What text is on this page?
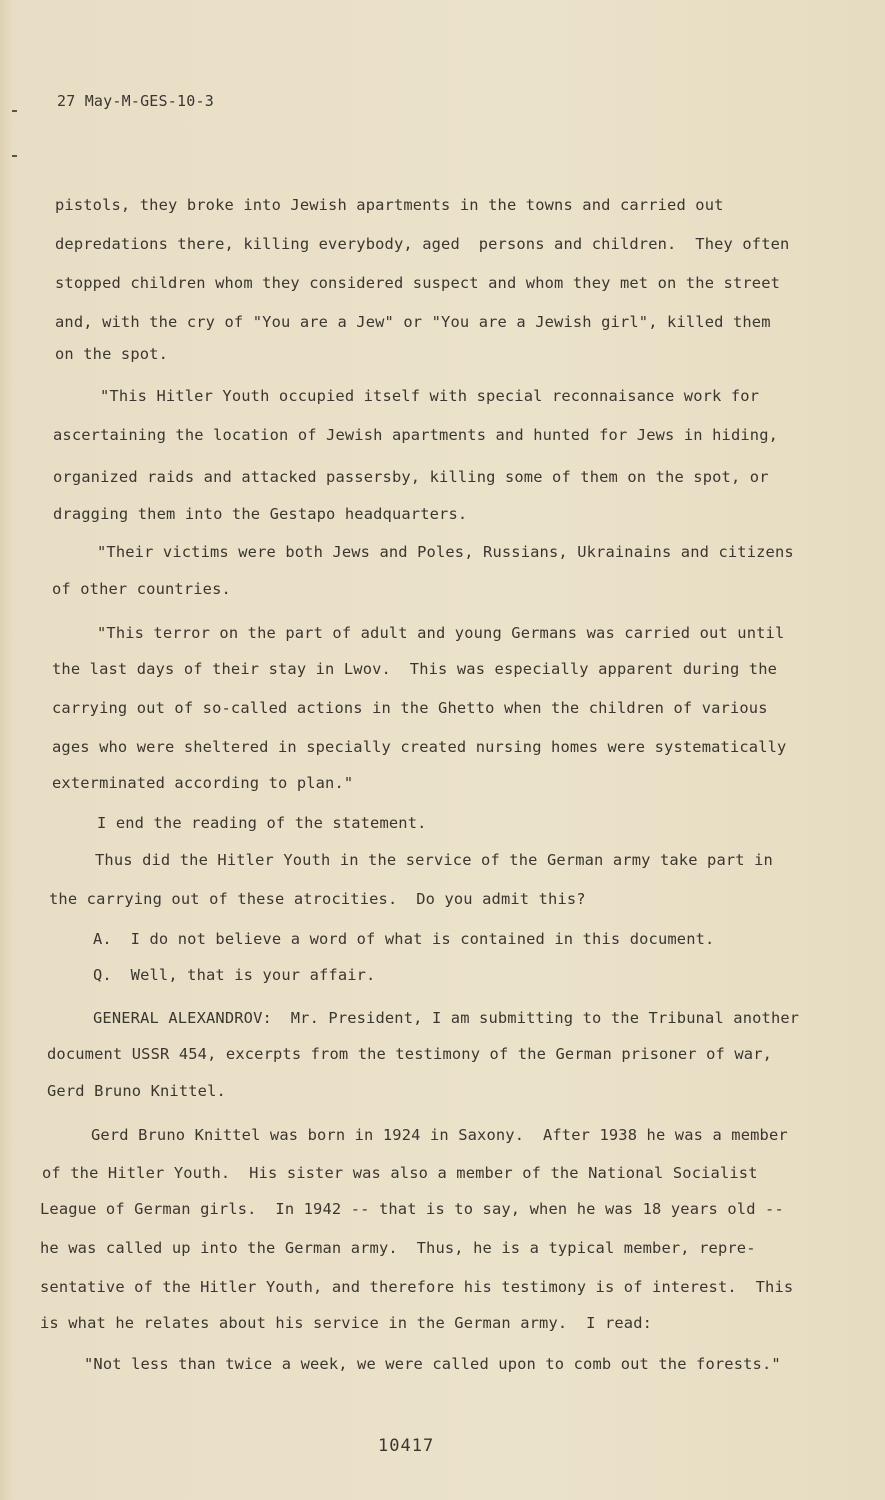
27 May-M-GES-10-3
pistols, they broke into Jewish apartments in the towns and carried out
depredations there, killing everybody, aged  persons and children.  They often
stopped children whom they considered suspect and whom they met on the street
and, with the cry of "You are a Jew" or "You are a Jewish girl", killed them
on the spot.
"This Hitler Youth occupied itself with special reconnaisance work for
ascertaining the location of Jewish apartments and hunted for Jews in hiding,
organized raids and attacked passersby, killing some of them on the spot, or
dragging them into the Gestapo headquarters.
"Their victims were both Jews and Poles, Russians, Ukrainains and citizens
of other countries.
"This terror on the part of adult and young Germans was carried out until
the last days of their stay in Lwov.  This was especially apparent during the
carrying out of so-called actions in the Ghetto when the children of various
ages who were sheltered in specially created nursing homes were systematically
exterminated according to plan."
I end the reading of the statement.
Thus did the Hitler Youth in the service of the German army take part in
the carrying out of these atrocities.  Do you admit this?
A.  I do not believe a word of what is contained in this document.
Q.  Well, that is your affair.
GENERAL ALEXANDROV:  Mr. President, I am submitting to the Tribunal another
document USSR 454, excerpts from the testimony of the German prisoner of war,
Gerd Bruno Knittel.
Gerd Bruno Knittel was born in 1924 in Saxony.  After 1938 he was a member
of the Hitler Youth.  His sister was also a member of the National Socialist
League of German girls.  In 1942 -- that is to say, when he was 18 years old --
he was called up into the German army.  Thus, he is a typical member, repre-
sentative of the Hitler Youth, and therefore his testimony is of interest.  This
is what he relates about his service in the German army.  I read:
"Not less than twice a week, we were called upon to comb out the forests."
10417
